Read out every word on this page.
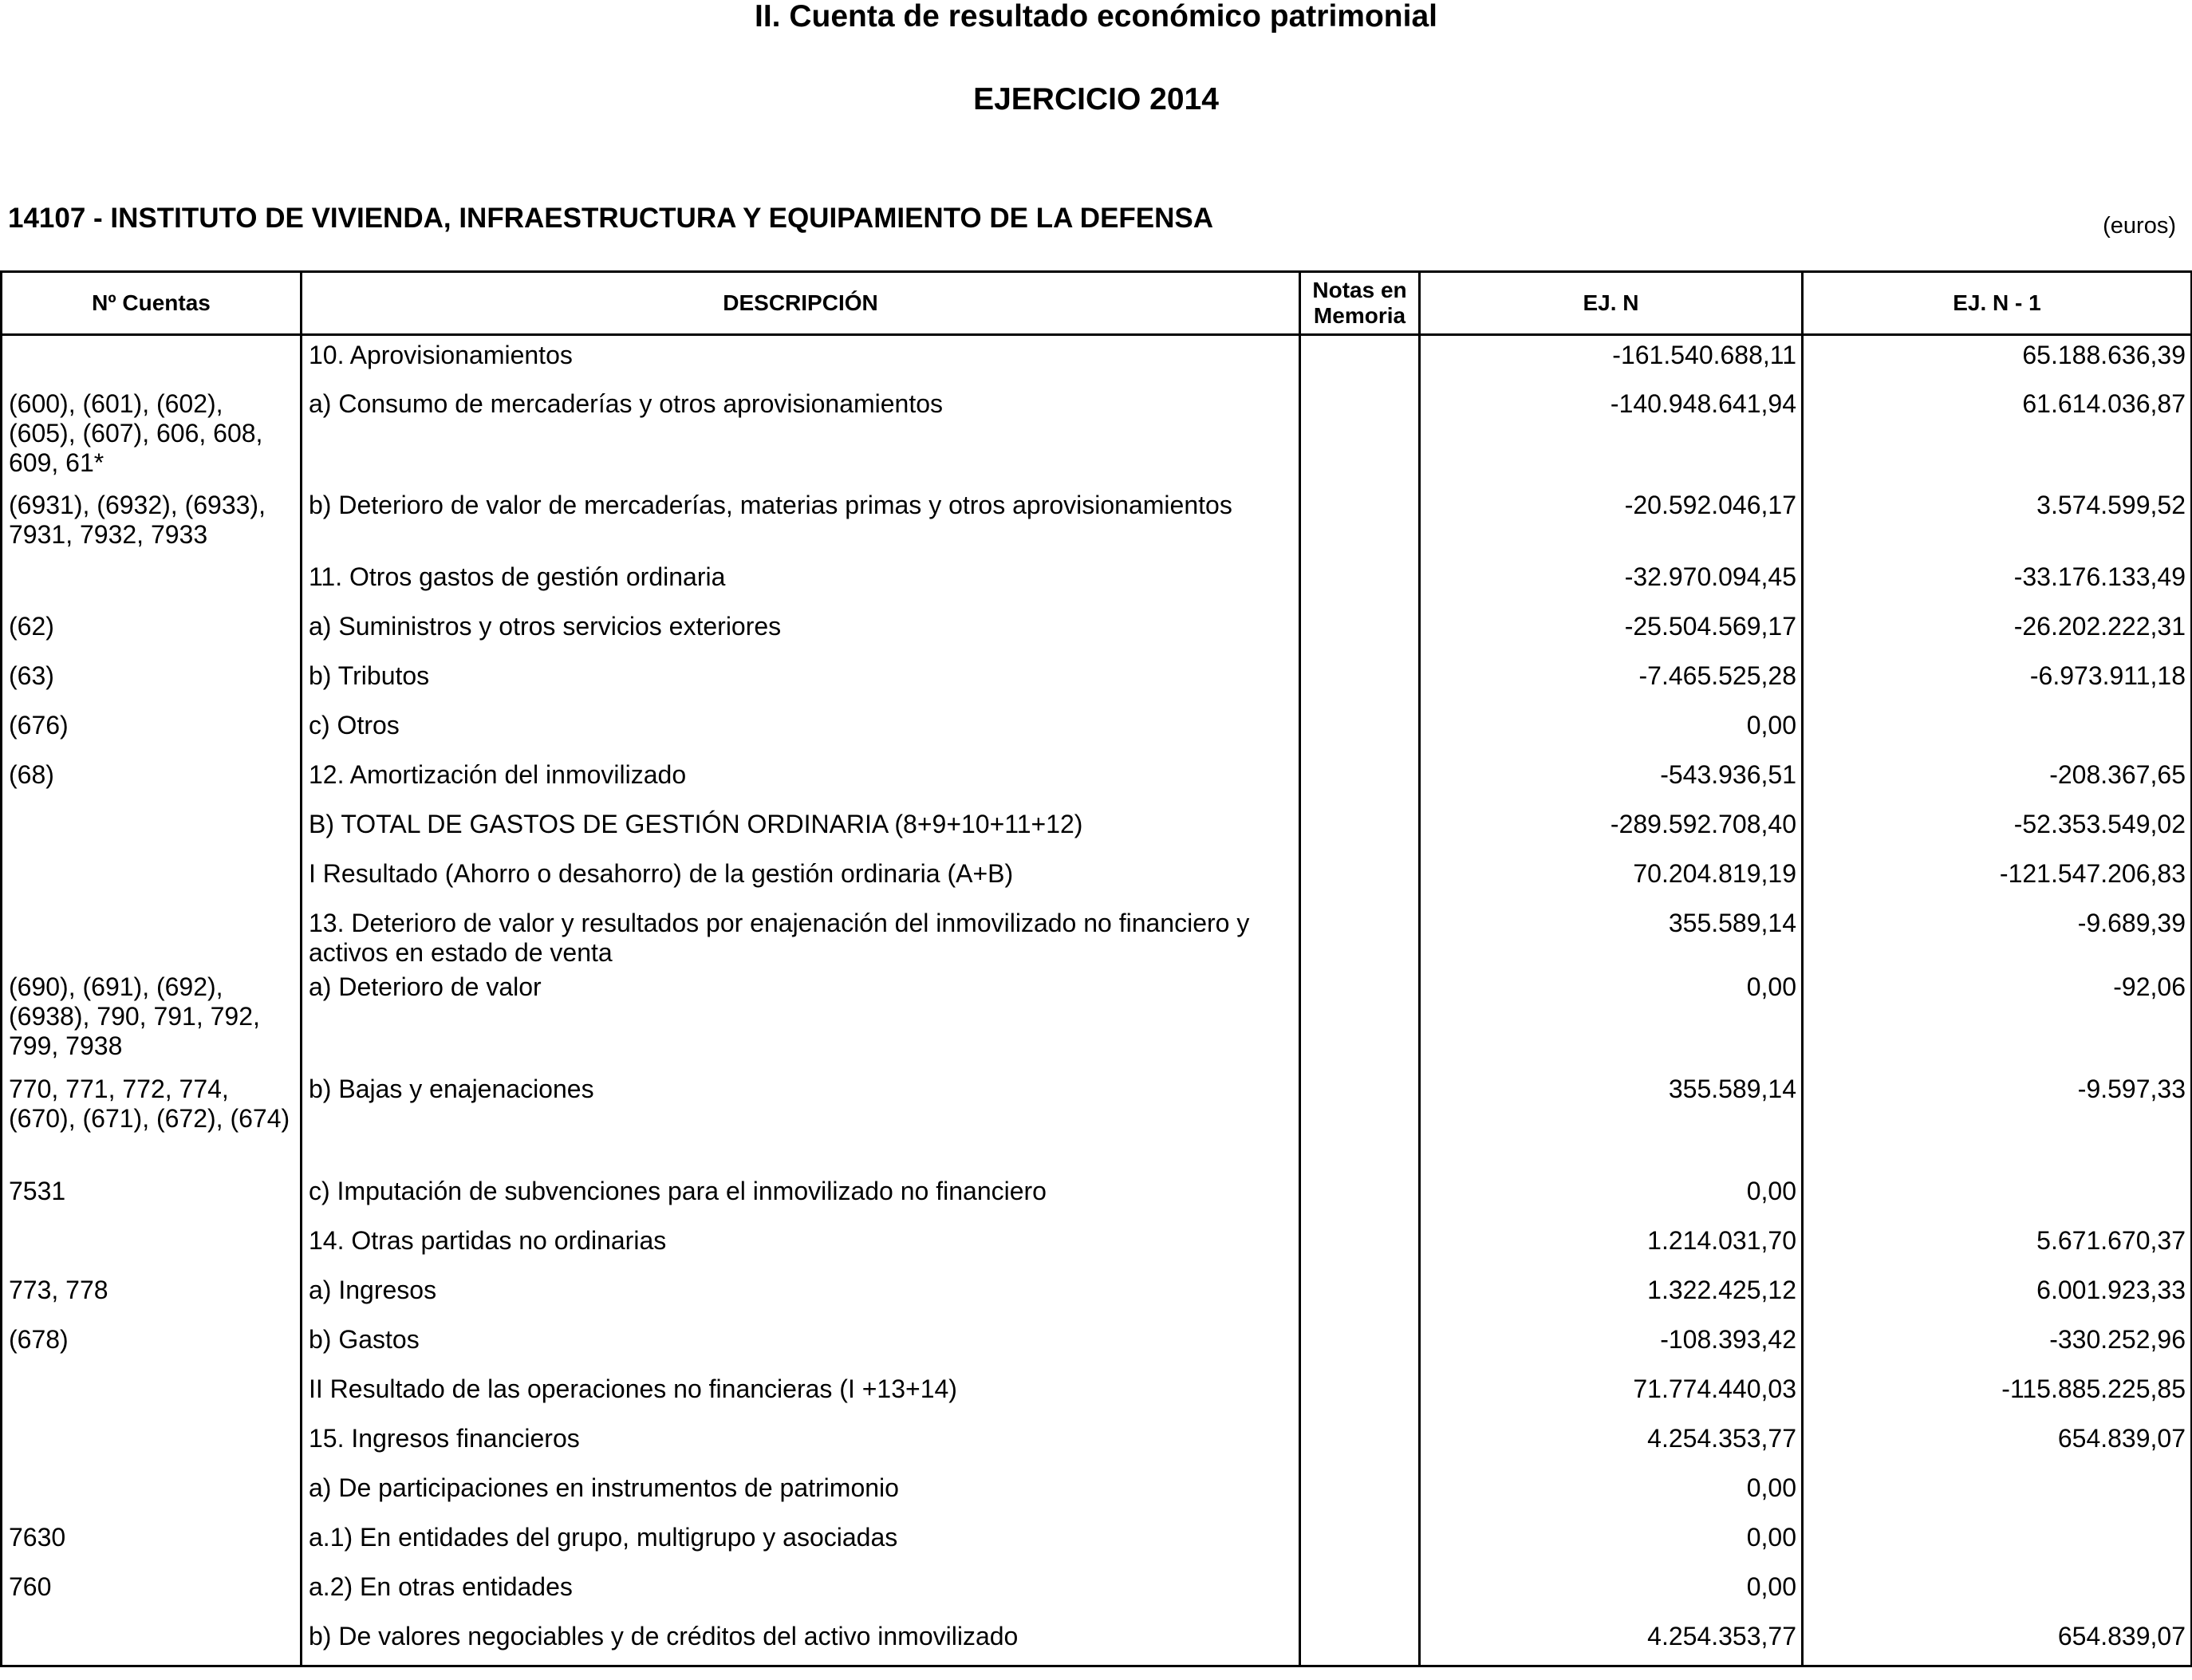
II. Cuenta de resultado económico patrimonial
EJERCICIO 2014
14107 - INSTITUTO DE VIVIENDA, INFRAESTRUCTURA Y EQUIPAMIENTO DE LA DEFENSA	(euros)
Nº Cuentas	DESCRIPCIÓN	Notas en Memoria	EJ. N	EJ. N - 1
	10. Aprovisionamientos		-161.540.688,11	65.188.636,39
(600), (601), (602), (605), (607), 606, 608, 609, 61*	a) Consumo de mercaderías y otros aprovisionamientos		-140.948.641,94	61.614.036,87
(6931), (6932), (6933), 7931, 7932, 7933	b) Deterioro de valor de mercaderías, materias primas y otros aprovisionamientos		-20.592.046,17	3.574.599,52
	11. Otros gastos de gestión ordinaria		-32.970.094,45	-33.176.133,49
(62)	a) Suministros y otros servicios exteriores		-25.504.569,17	-26.202.222,31
(63)	b) Tributos		-7.465.525,28	-6.973.911,18
(676)	c) Otros		0,00	
(68)	12. Amortización del inmovilizado		-543.936,51	-208.367,65
	B) TOTAL DE GASTOS DE GESTIÓN ORDINARIA (8+9+10+11+12)		-289.592.708,40	-52.353.549,02
	I Resultado (Ahorro o desahorro) de la gestión ordinaria (A+B)		70.204.819,19	-121.547.206,83
	13. Deterioro de valor y resultados por enajenación del inmovilizado no financiero y activos en estado de venta		355.589,14	-9.689,39
(690), (691), (692), (6938), 790, 791, 792, 799, 7938	a) Deterioro de valor		0,00	-92,06
770, 771, 772, 774, (670), (671), (672), (674)	b) Bajas y enajenaciones		355.589,14	-9.597,33
7531	c) Imputación de subvenciones para el inmovilizado no financiero		0,00	
	14. Otras partidas no ordinarias		1.214.031,70	5.671.670,37
773, 778	a) Ingresos		1.322.425,12	6.001.923,33
(678)	b) Gastos		-108.393,42	-330.252,96
	II Resultado de las operaciones no financieras (I +13+14)		71.774.440,03	-115.885.225,85
	15. Ingresos financieros		4.254.353,77	654.839,07
	a) De participaciones en instrumentos de patrimonio		0,00	
7630	a.1) En entidades del grupo, multigrupo y asociadas		0,00	
760	a.2) En otras entidades		0,00	
	b) De valores negociables y de créditos del activo inmovilizado		4.254.353,77	654.839,07
